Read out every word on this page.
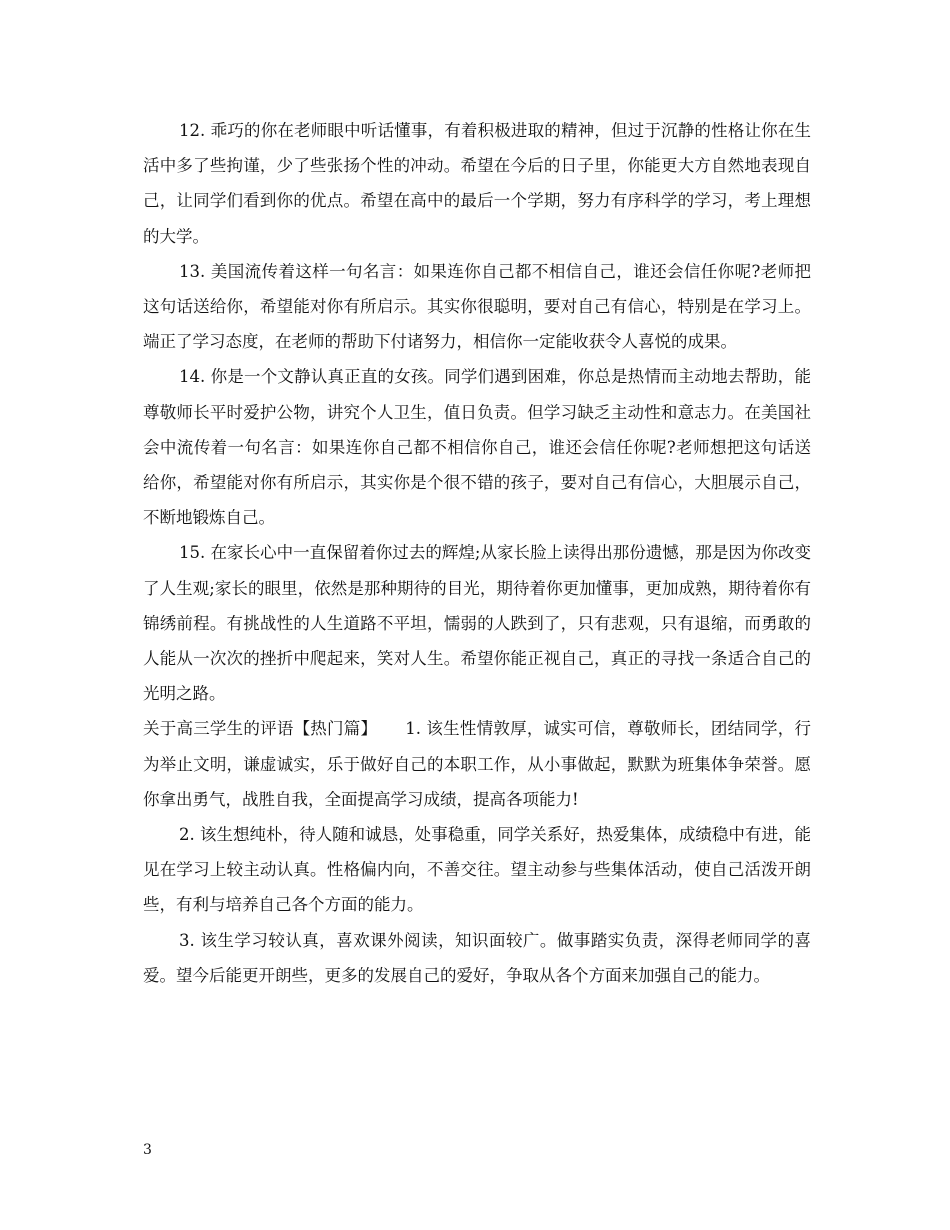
12. 乖巧的你在老师眼中听话懂事，有着积极进取的精神，但过于沉静的性格让你在生活中多了些拘谨，少了些张扬个性的冲动。希望在今后的日子里，你能更大方自然地表现自己，让同学们看到你的优点。希望在高中的最后一个学期，努力有序科学的学习，考上理想的大学。

13. 美国流传着这样一句名言：如果连你自己都不相信自己，谁还会信任你呢?老师把这句话送给你，希望能对你有所启示。其实你很聪明，要对自己有信心，特别是在学习上。端正了学习态度，在老师的帮助下付诸努力，相信你一定能收获令人喜悦的成果。

14. 你是一个文静认真正直的女孩。同学们遇到困难，你总是热情而主动地去帮助，能尊敬师长平时爱护公物，讲究个人卫生，值日负责。但学习缺乏主动性和意志力。在美国社会中流传着一句名言：如果连你自己都不相信你自己，谁还会信任你呢?老师想把这句话送给你，希望能对你有所启示，其实你是个很不错的孩子，要对自己有信心，大胆展示自己，不断地锻炼自己。

15. 在家长心中一直保留着你过去的辉煌;从家长脸上读得出那份遗憾，那是因为你改变了人生观;家长的眼里，依然是那种期待的目光，期待着你更加懂事，更加成熟，期待着你有锦绣前程。有挑战性的人生道路不平坦，懦弱的人跌到了，只有悲观，只有退缩，而勇敢的人能从一次次的挫折中爬起来，笑对人生。希望你能正视自己，真正的寻找一条适合自己的光明之路。

关于高三学生的评语【热门篇】 1. 该生性情敦厚，诚实可信，尊敬师长，团结同学，行为举止文明，谦虚诚实，乐于做好自己的本职工作，从小事做起，默默为班集体争荣誉。愿你拿出勇气，战胜自我，全面提高学习成绩，提高各项能力!

2. 该生想纯朴，待人随和诚恳，处事稳重，同学关系好，热爱集体，成绩稳中有进，能见在学习上较主动认真。性格偏内向，不善交往。望主动参与些集体活动，使自己活泼开朗些，有利与培养自己各个方面的能力。

3. 该生学习较认真，喜欢课外阅读，知识面较广。做事踏实负责，深得老师同学的喜爱。望今后能更开朗些，更多的发展自己的爱好，争取从各个方面来加强自己的能力。

3
